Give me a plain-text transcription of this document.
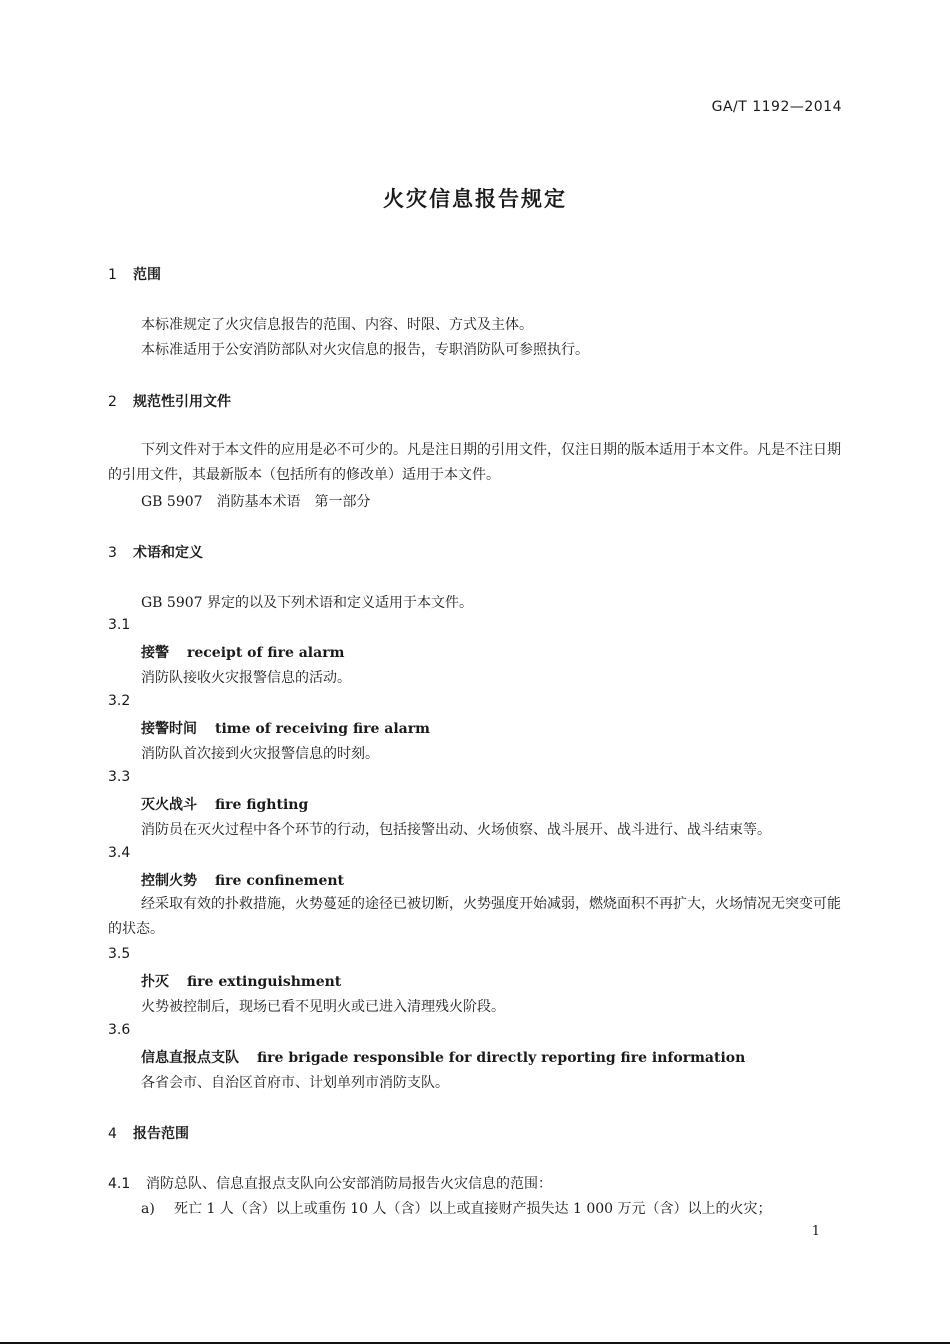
GA/T 1192—2014
火灾信息报告规定
1 范围
本标准规定了火灾信息报告的范围、内容、时限、方式及主体。
本标准适用于公安消防部队对火灾信息的报告，专职消防队可参照执行。
2 规范性引用文件
下列文件对于本文件的应用是必不可少的。凡是注日期的引用文件，仅注日期的版本适用于本文件。凡是不注日期的引用文件，其最新版本（包括所有的修改单）适用于本文件。
GB 5907　消防基本术语　第一部分
3 术语和定义
GB 5907 界定的以及下列术语和定义适用于本文件。
3.1
接警 receipt of fire alarm
消防队接收火灾报警信息的活动。
3.2
接警时间 time of receiving fire alarm
消防队首次接到火灾报警信息的时刻。
3.3
灭火战斗 fire fighting
消防员在灭火过程中各个环节的行动，包括接警出动、火场侦察、战斗展开、战斗进行、战斗结束等。
3.4
控制火势 fire confinement
经采取有效的扑救措施，火势蔓延的途径已被切断，火势强度开始减弱，燃烧面积不再扩大，火场情况无突变可能的状态。
3.5
扑灭 fire extinguishment
火势被控制后，现场已看不见明火或已进入清理残火阶段。
3.6
信息直报点支队 fire brigade responsible for directly reporting fire information
各省会市、自治区首府市、计划单列市消防支队。
4 报告范围
4.1 消防总队、信息直报点支队向公安部消防局报告火灾信息的范围：
a) 死亡 1 人（含）以上或重伤 10 人（含）以上或直接财产损失达 1 000 万元（含）以上的火灾；
1
